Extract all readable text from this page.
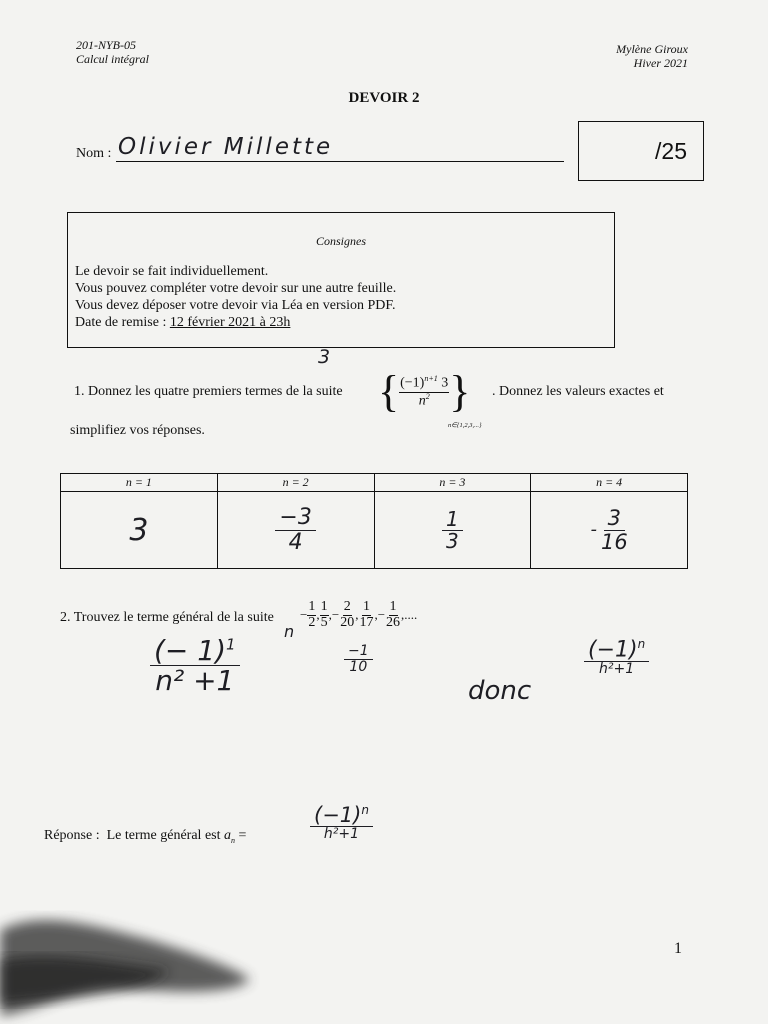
201-NYB-05
Calcul intégral
Mylène Giroux
Hiver 2021
DEVOIR 2
Nom : Olivier Millette	/25
Consignes
Le devoir se fait individuellement.
Vous pouvez compléter votre devoir sur une autre feuille.
Vous devez déposer votre devoir via Léa en version PDF.
Date de remise : 12 février 2021 à 23h
1. Donnez les quatre premiers termes de la suite
3
{ $\frac{(-1)^{n+1} 3}{n^2}$ }
n∈{1,2,3,...}
. Donnez les valeurs exactes et
simplifiez vos réponses.
n = 1	n = 2	n = 3	n = 4
3	$\frac{-3}{4}$	$\frac{1}{3}$	- $\frac{3}{16}$
2. Trouvez le terme général de la suite − $\frac{1}{2}$ , $\frac{1}{5}$ , − $\frac{2}{20}$ , $\frac{1}{17}$ , − $\frac{1}{26}$ ,....
$\frac{(- 1)^1}{\text{n² +1}}$
n
$\frac{-1}{10}$
donc
$(-1)^n$
h²+1
Réponse : Le terme général est $a_n$ =
$(-1)^n$
h²+1
1
